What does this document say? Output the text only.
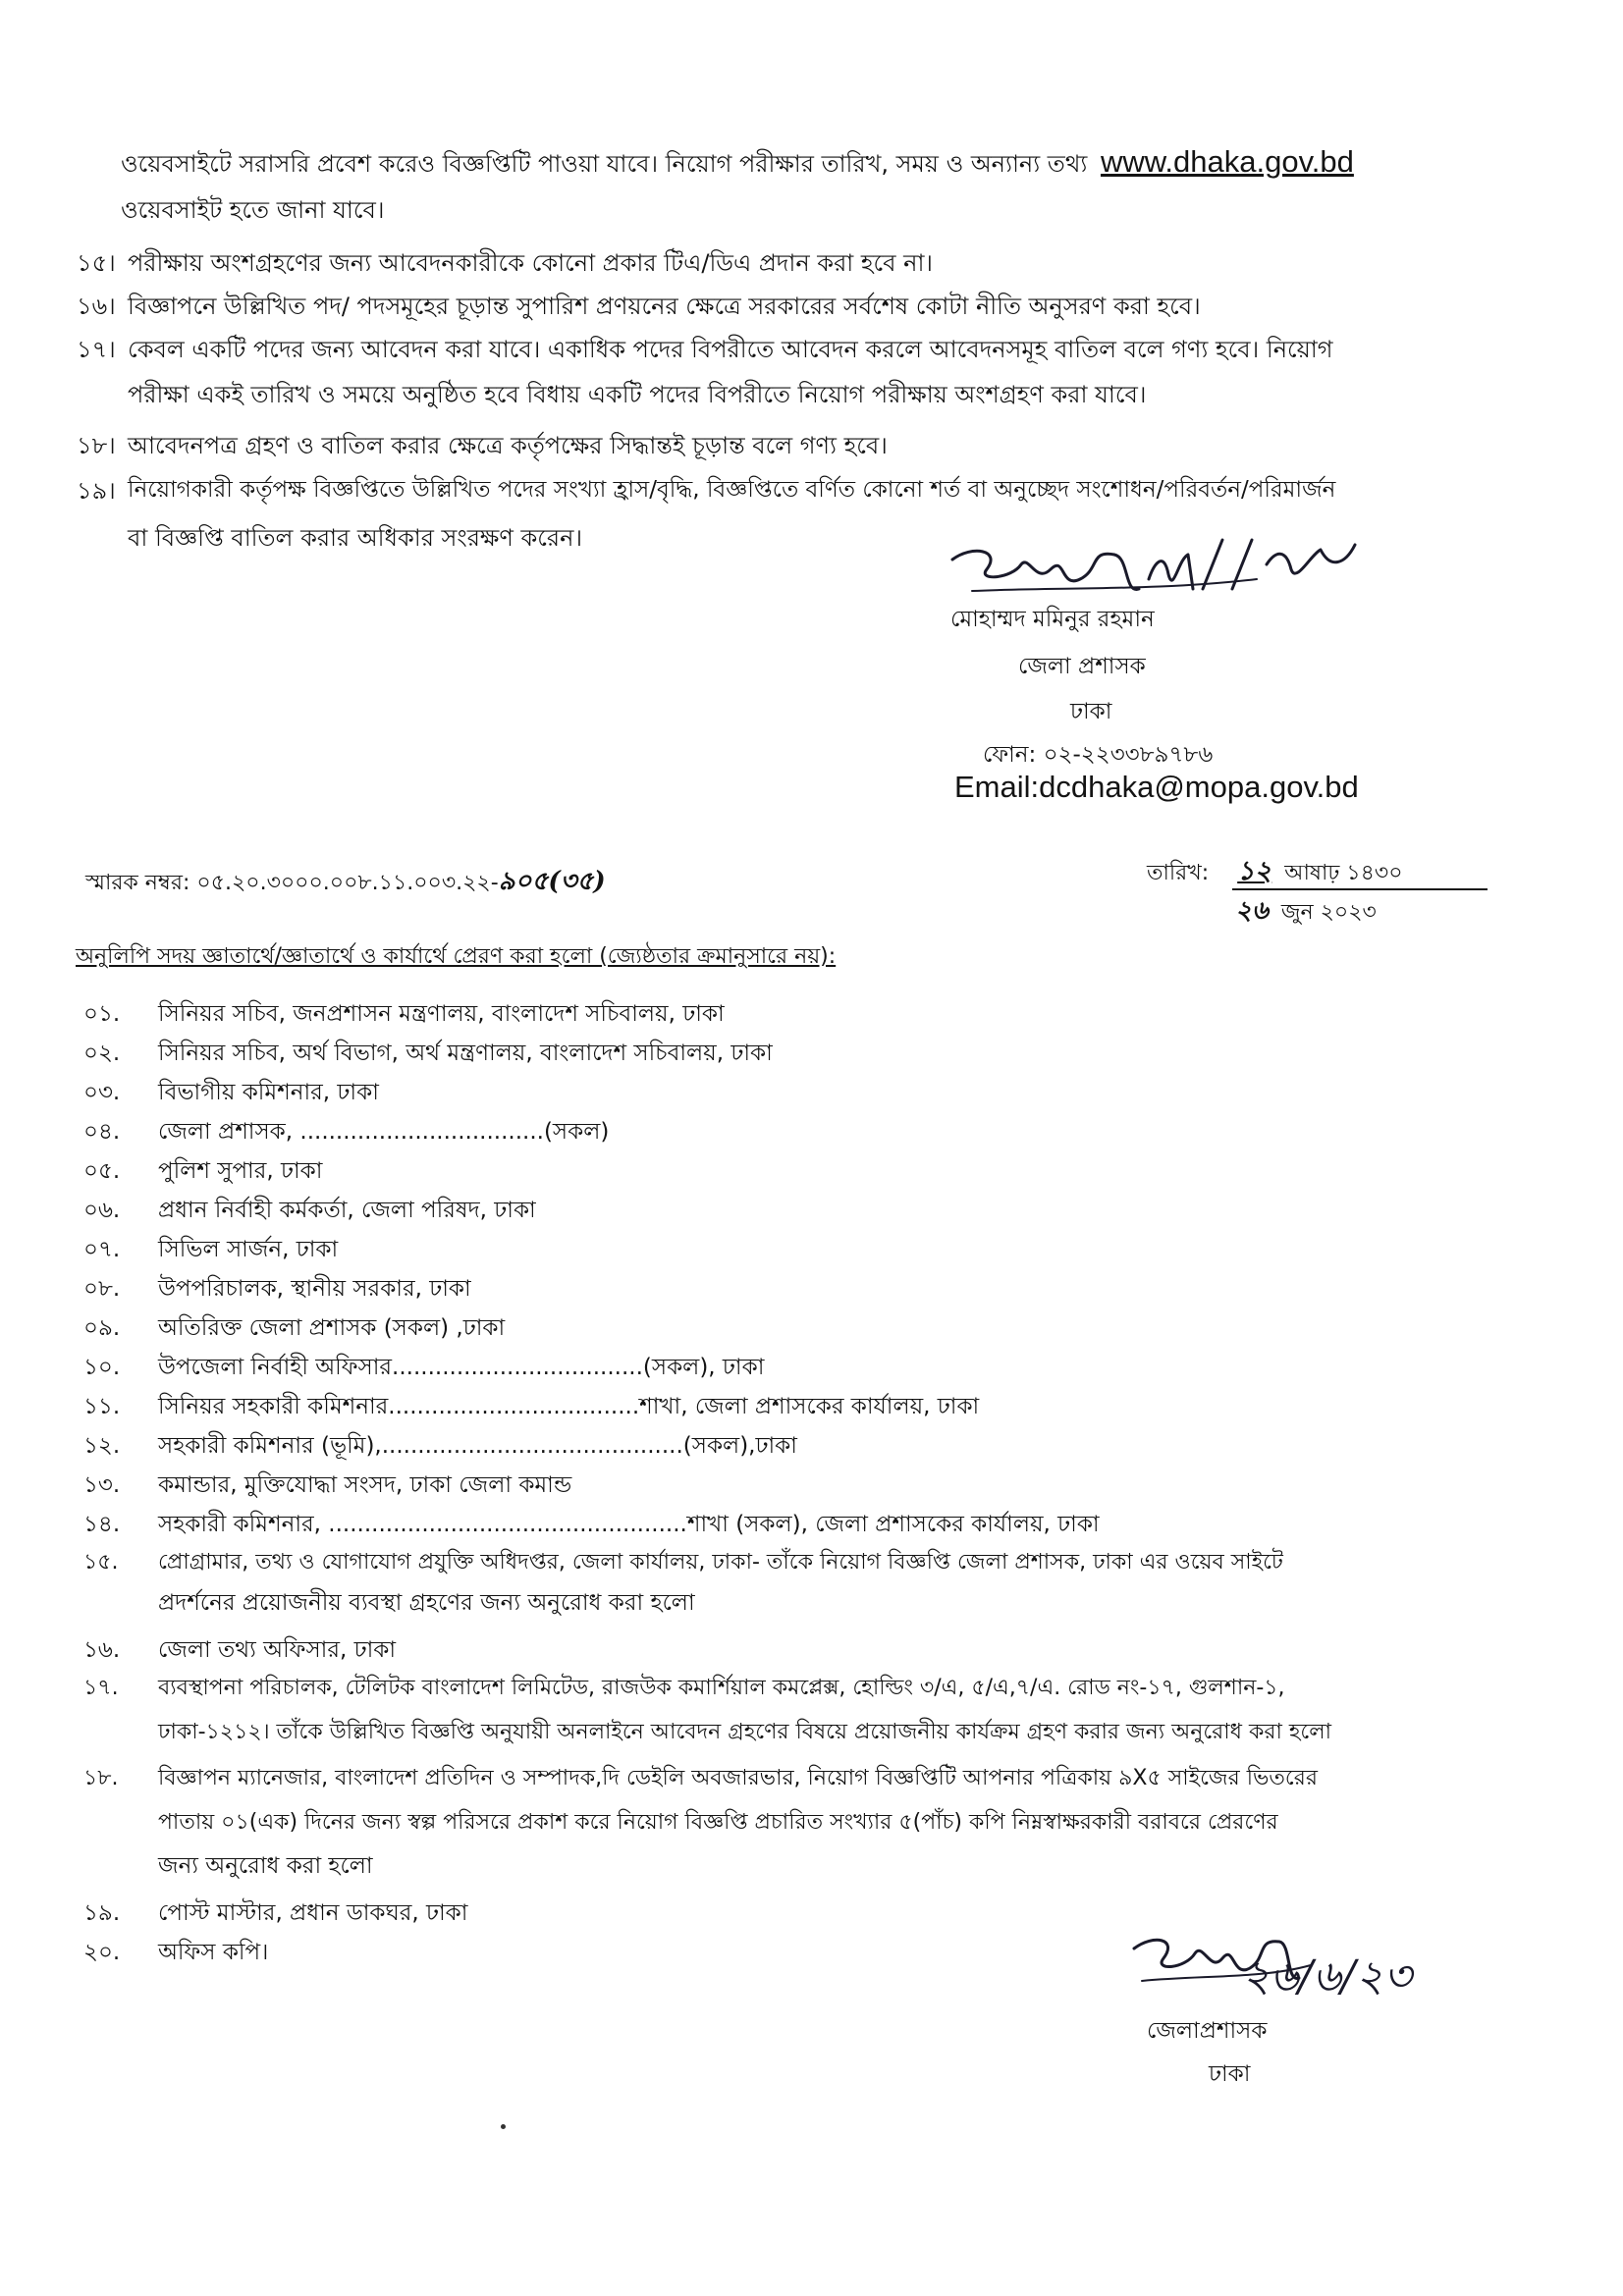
ওয়েবসাইটে সরাসরি প্রবেশ করেও বিজ্ঞপ্তিটি পাওয়া যাবে। নিয়োগ পরীক্ষার তারিখ, সময় ও অন্যান্য তথ্য www.dhaka.gov.bd
ওয়েবসাইট হতে জানা যাবে।
১৫। পরীক্ষায় অংশগ্রহণের জন্য আবেদনকারীকে কোনো প্রকার টিএ/ডিএ প্রদান করা হবে না।
১৬। বিজ্ঞাপনে উল্লিখিত পদ/ পদসমূহের চূড়ান্ত সুপারিশ প্রণয়নের ক্ষেত্রে সরকারের সর্বশেষ কোটা নীতি অনুসরণ করা হবে।
১৭। কেবল একটি পদের জন্য আবেদন করা যাবে। একাধিক পদের বিপরীতে আবেদন করলে আবেদনসমূহ বাতিল বলে গণ্য হবে। নিয়োগ
পরীক্ষা একই তারিখ ও সময়ে অনুষ্ঠিত হবে বিধায় একটি পদের বিপরীতে নিয়োগ পরীক্ষায় অংশগ্রহণ করা যাবে।
১৮। আবেদনপত্র গ্রহণ ও বাতিল করার ক্ষেত্রে কর্তৃপক্ষের সিদ্ধান্তই চূড়ান্ত বলে গণ্য হবে।
১৯। নিয়োগকারী কর্তৃপক্ষ বিজ্ঞপ্তিতে উল্লিখিত পদের সংখ্যা হ্রাস/বৃদ্ধি, বিজ্ঞপ্তিতে বর্ণিত কোনো শর্ত বা অনুচ্ছেদ সংশোধন/পরিবর্তন/পরিমার্জন
বা বিজ্ঞপ্তি বাতিল করার অধিকার সংরক্ষণ করেন।
মোহাম্মদ মমিনুর রহমান
জেলা প্রশাসক
ঢাকা
ফোন: ০২-২২৩৩৮৯৭৮৬
Email:dcdhaka@mopa.gov.bd
স্মারক নম্বর: ০৫.২০.৩০০০.০০৮.১১.০০৩.২২-৯০৫(৩৫)	তারিখ: ১২ আষাঢ় ১৪৩০
২৬ জুন ২০২৩
অনুলিপি সদয় জ্ঞাতার্থে/জ্ঞাতার্থে ও কার্যার্থে প্রেরণ করা হলো (জ্যেষ্ঠতার ক্রমানুসারে নয়):
০১. সিনিয়র সচিব, জনপ্রশাসন মন্ত্রণালয়, বাংলাদেশ সচিবালয়, ঢাকা
০২. সিনিয়র সচিব, অর্থ বিভাগ, অর্থ মন্ত্রণালয়, বাংলাদেশ সচিবালয়, ঢাকা
০৩. বিভাগীয় কমিশনার, ঢাকা
০৪. জেলা প্রশাসক, ..................................(সকল)
০৫. পুলিশ সুপার, ঢাকা
০৬. প্রধান নির্বাহী কর্মকর্তা, জেলা পরিষদ, ঢাকা
০৭. সিভিল সার্জন, ঢাকা
০৮. উপপরিচালক, স্থানীয় সরকার, ঢাকা
০৯. অতিরিক্ত জেলা প্রশাসক (সকল) ,ঢাকা
১০. উপজেলা নির্বাহী অফিসার...................................(সকল), ঢাকা
১১. সিনিয়র সহকারী কমিশনার...................................শাখা, জেলা প্রশাসকের কার্যালয়, ঢাকা
১২. সহকারী কমিশনার (ভূমি),..........................................(সকল),ঢাকা
১৩. কমান্ডার, মুক্তিযোদ্ধা সংসদ, ঢাকা জেলা কমান্ড
১৪. সহকারী কমিশনার, ..................................................শাখা (সকল), জেলা প্রশাসকের কার্যালয়, ঢাকা
১৫. প্রোগ্রামার, তথ্য ও যোগাযোগ প্রযুক্তি অধিদপ্তর, জেলা কার্যালয়, ঢাকা- তাঁকে নিয়োগ বিজ্ঞপ্তি জেলা প্রশাসক, ঢাকা এর ওয়েব সাইটে
প্রদর্শনের প্রয়োজনীয় ব্যবস্থা গ্রহণের জন্য অনুরোধ করা হলো
১৬. জেলা তথ্য অফিসার, ঢাকা
১৭. ব্যবস্থাপনা পরিচালক, টেলিটক বাংলাদেশ লিমিটেড, রাজউক কমার্শিয়াল কমপ্লেক্স, হোল্ডিং ৩/এ, ৫/এ,৭/এ. রোড নং-১৭, গুলশান-১,
ঢাকা-১২১২। তাঁকে উল্লিখিত বিজ্ঞপ্তি অনুযায়ী অনলাইনে আবেদন গ্রহণের বিষয়ে প্রয়োজনীয় কার্যক্রম গ্রহণ করার জন্য অনুরোধ করা হলো
১৮. বিজ্ঞাপন ম্যানেজার, বাংলাদেশ প্রতিদিন ও সম্পাদক,দি ডেইলি অবজারভার, নিয়োগ বিজ্ঞপ্তিটি আপনার পত্রিকায় ৯X৫ সাইজের ভিতরের
পাতায় ০১(এক) দিনের জন্য স্বল্প পরিসরে প্রকাশ করে নিয়োগ বিজ্ঞপ্তি প্রচারিত সংখ্যার ৫(পাঁচ) কপি নিম্নস্বাক্ষরকারী বরাবরে প্রেরণের
জন্য অনুরোধ করা হলো
১৯. পোস্ট মাস্টার, প্রধান ডাকঘর, ঢাকা
২০. অফিস কপি।	২৬/৬/২৩
জেলাপ্রশাসক
ঢাকা
